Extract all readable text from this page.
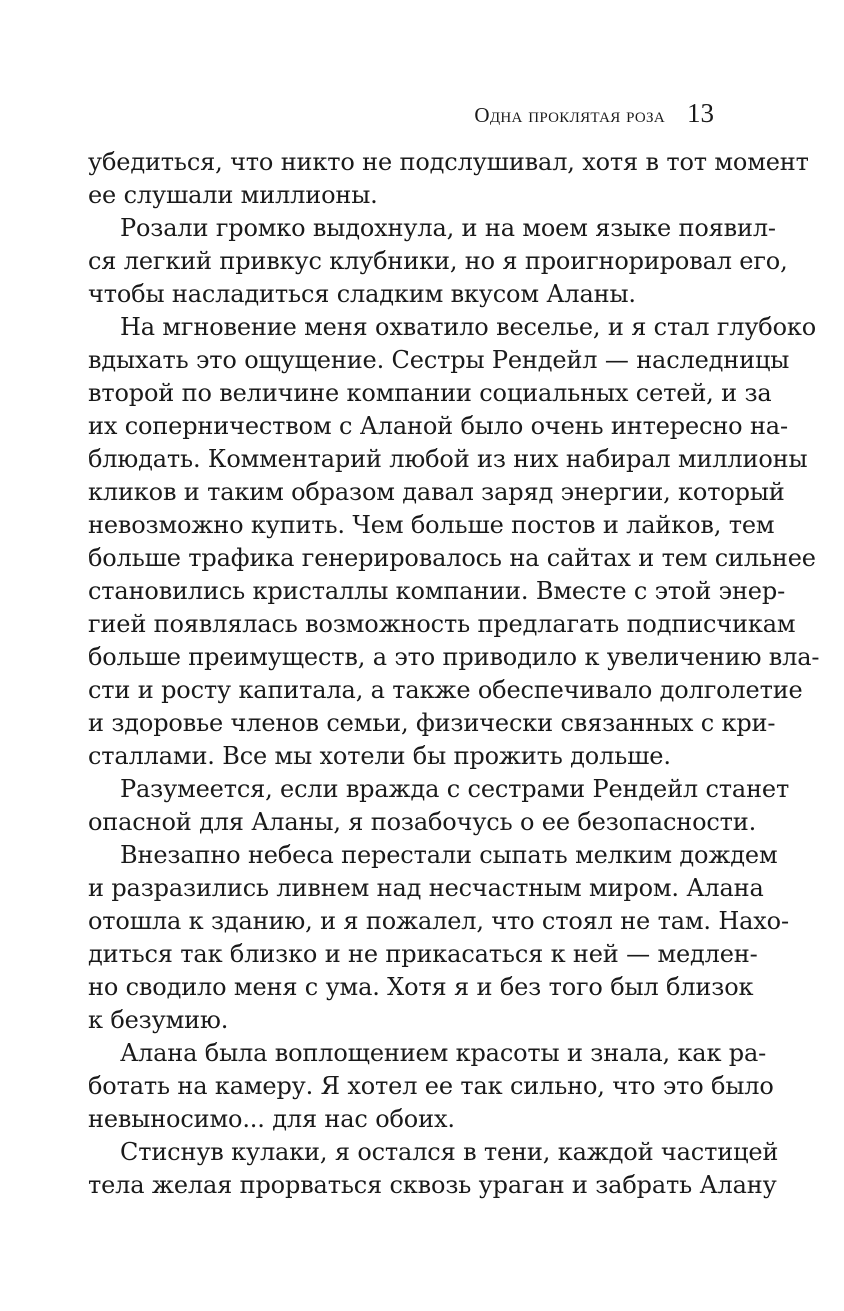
Одна проклятая роза 13
убедиться, что никто не подслушивал, хотя в тот момент
ее слушали миллионы.
Розали громко выдохнула, и на моем языке появил-
ся легкий привкус клубники, но я проигнорировал его,
чтобы насладиться сладким вкусом Аланы.
На мгновение меня охватило веселье, и я стал глубоко
вдыхать это ощущение. Сестры Рендейл — наследницы
второй по величине компании социальных сетей, и за
их соперничеством с Аланой было очень интересно на-
блюдать. Комментарий любой из них набирал миллионы
кликов и таким образом давал заряд энергии, который
невозможно купить. Чем больше постов и лайков, тем
больше трафика генерировалось на сайтах и тем сильнее
становились кристаллы компании. Вместе с этой энер-
гией появлялась возможность предлагать подписчикам
больше преимуществ, а это приводило к увеличению вла-
сти и росту капитала, а также обеспечивало долголетие
и здоровье членов семьи, физически связанных с кри-
сталлами. Все мы хотели бы прожить дольше.
Разумеется, если вражда с сестрами Рендейл станет
опасной для Аланы, я позабочусь о ее безопасности.
Внезапно небеса перестали сыпать мелким дождем
и разразились ливнем над несчастным миром. Алана
отошла к зданию, и я пожалел, что стоял не там. Нахо-
диться так близко и не прикасаться к ней — медлен-
но сводило меня с ума. Хотя я и без того был близок
к безумию.
Алана была воплощением красоты и знала, как ра-
ботать на камеру. Я хотел ее так сильно, что это было
невыносимо... для нас обоих.
Стиснув кулаки, я остался в тени, каждой частицей
тела желая прорваться сквозь ураган и забрать Алану
